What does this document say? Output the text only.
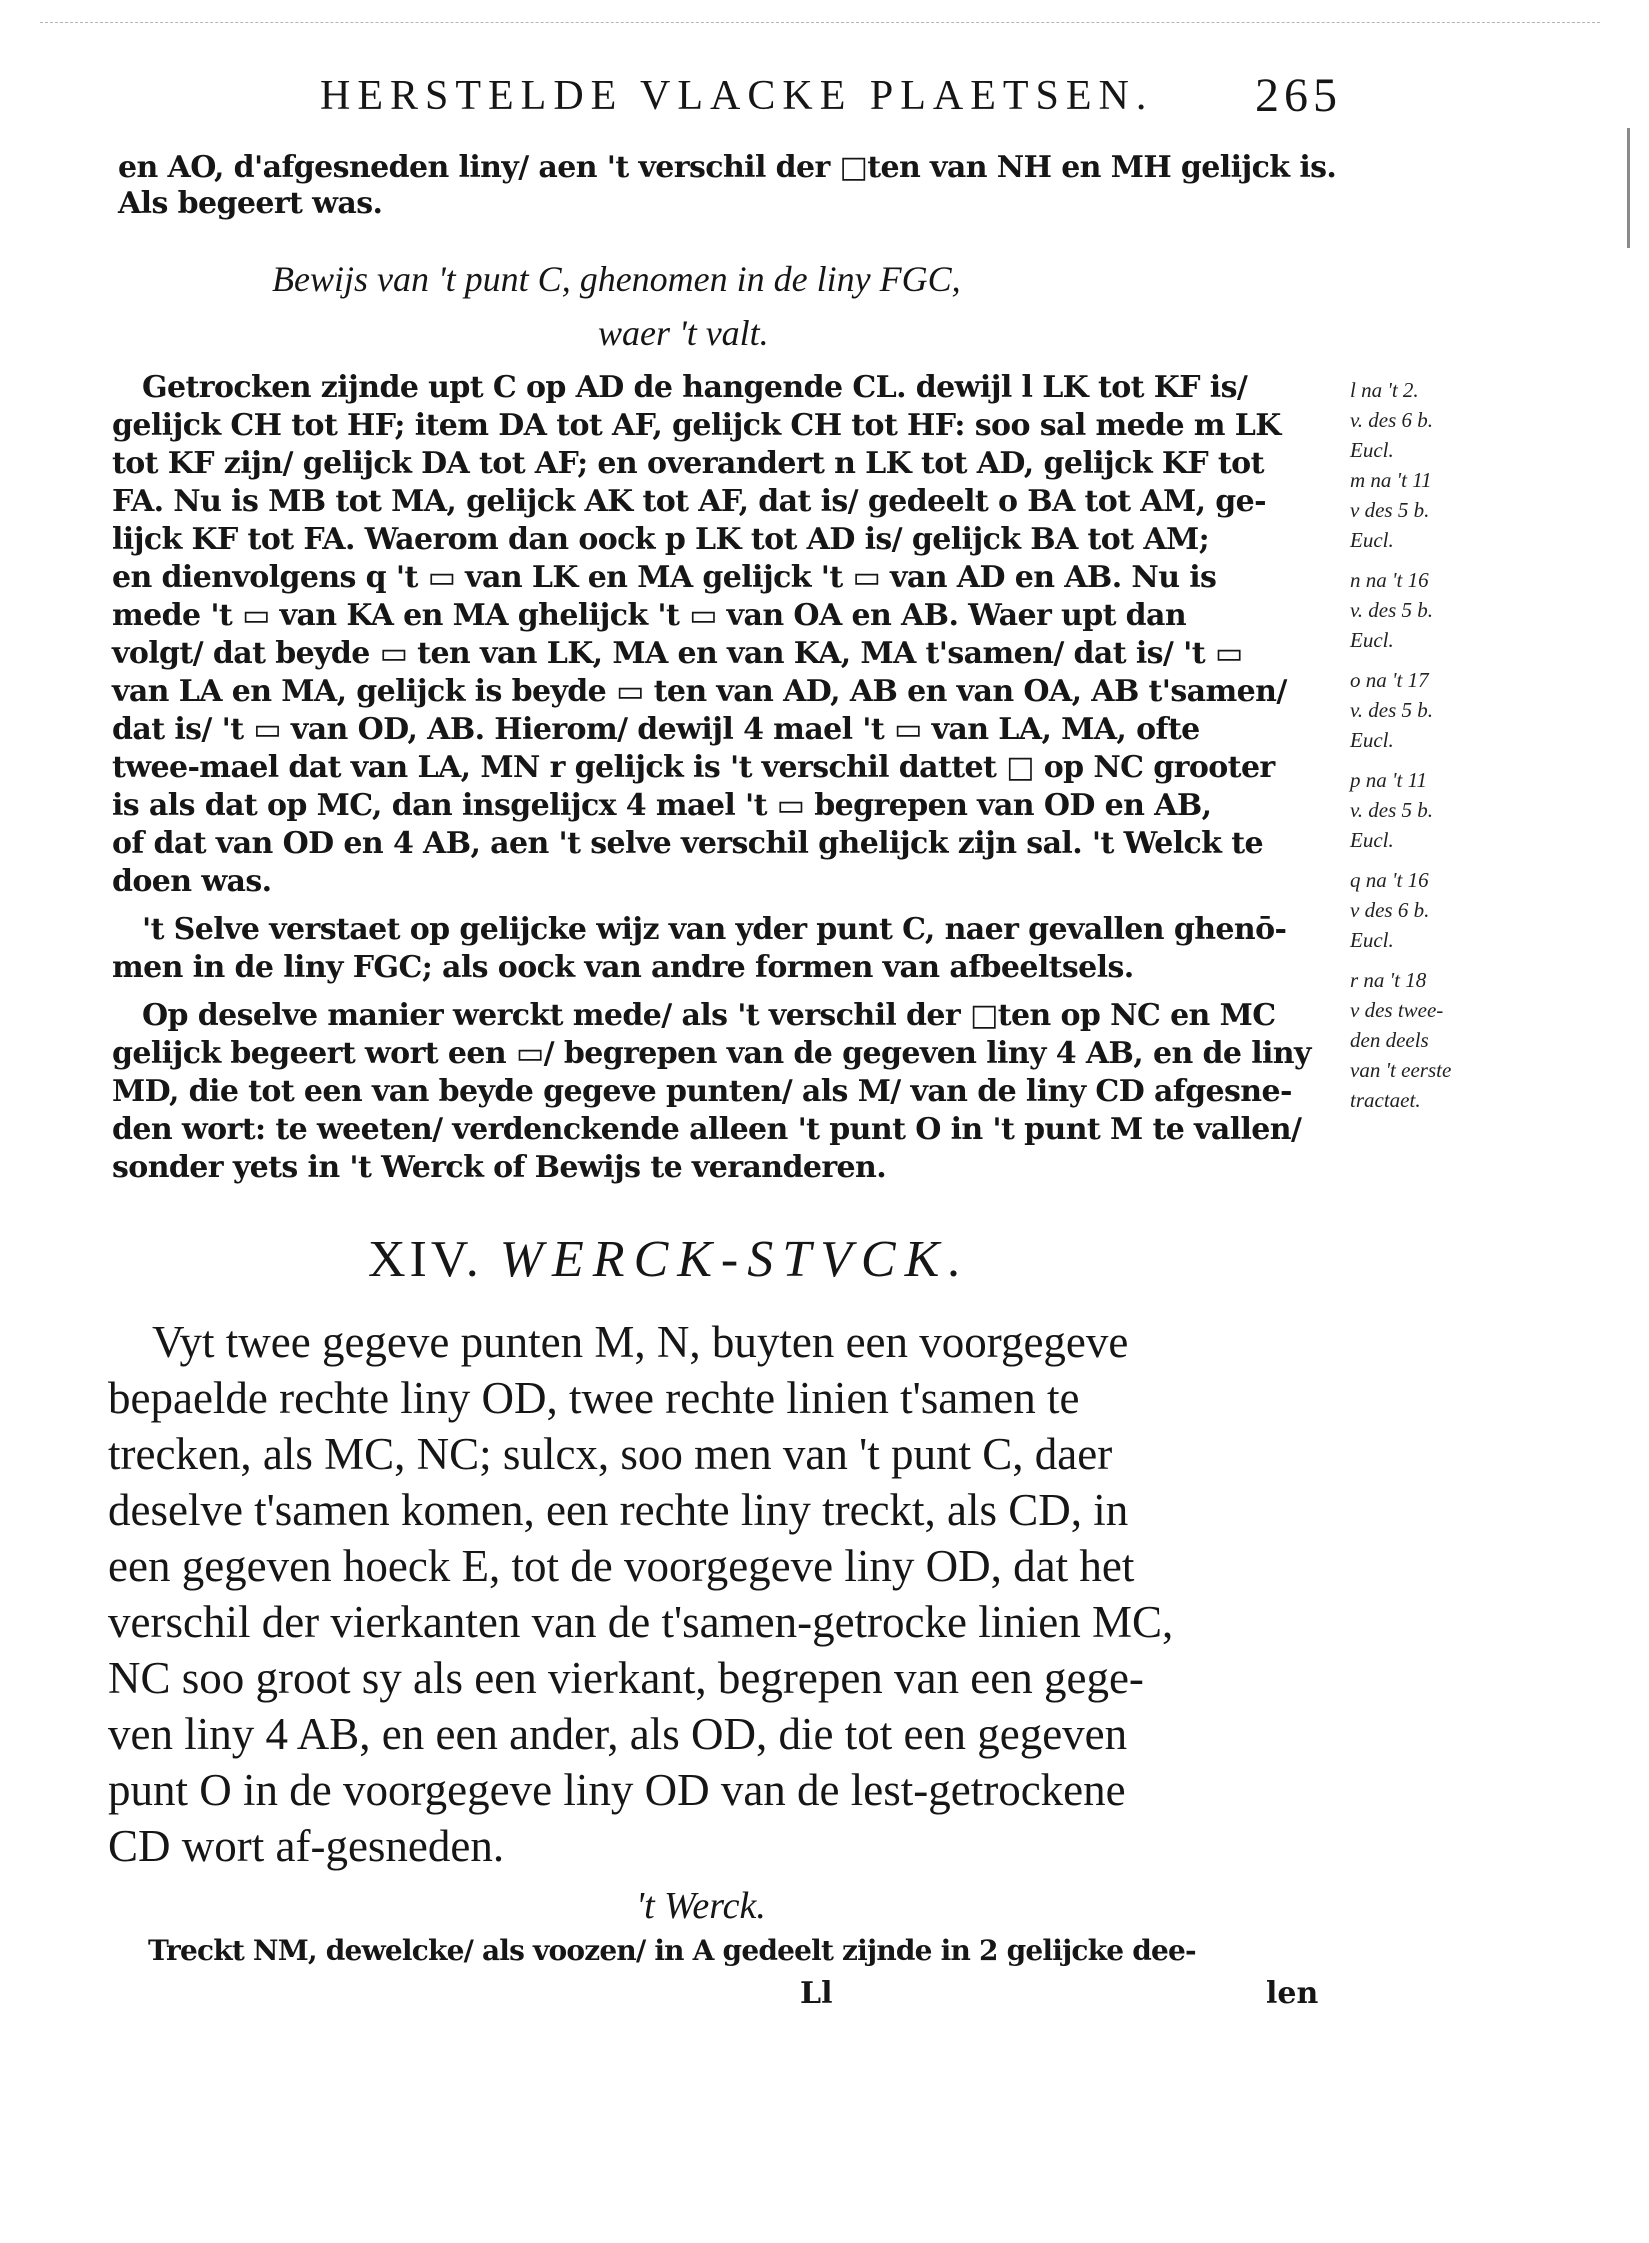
HERSTELDE VLACKE PLAETSEN. 265
en AO, d'afgesneden liny/ aen 't verschil der □ten van NH en MH gelijck is.
Als begeert was.
Bewijs van 't punt C, ghenomen in de liny FGC,
waer 't valt.
Getrocken zijnde upt C op AD de hangende CL. dewijl l LK tot KF is/
gelijck CH tot HF; item DA tot AF, gelijck CH tot HF: soo sal mede m LK
tot KF zijn/ gelijck DA tot AF; en overandert n LK tot AD, gelijck KF tot
FA. Nu is MB tot MA, gelijck AK tot AF, dat is/ gedeelt o BA tot AM, ge-
lijck KF tot FA. Waerom dan oock p LK tot AD is/ gelijck BA tot AM;
en dienvolgens q 't ▭ van LK en MA gelijck 't ▭ van AD en AB. Nu is
mede 't ▭ van KA en MA ghelijck 't ▭ van OA en AB. Waer upt dan
volgt/ dat beyde ▭ ten van LK, MA en van KA, MA t'samen/ dat is/ 't ▭
van LA en MA, gelijck is beyde ▭ ten van AD, AB en van OA, AB t'samen/
dat is/ 't ▭ van OD, AB. Hierom/ dewijl 4 mael 't ▭ van LA, MA, ofte
twee-mael dat van LA, MN r gelijck is 't verschil dattet □ op NC grooter
is als dat op MC, dan insgelijcx 4 mael 't ▭ begrepen van OD en AB,
of dat van OD en 4 AB, aen 't selve verschil ghelijck zijn sal. 't Welck te
doen was.
't Selve verstaet op gelijcke wijz van yder punt C, naer gevallen ghenō-
men in de liny FGC; als oock van andre formen van afbeeltsels.
Op deselve manier werckt mede/ als 't verschil der □ten op NC en MC
gelijck begeert wort een ▭/ begrepen van de gegeven liny 4 AB, en de liny
MD, die tot een van beyde gegeve punten/ als M/ van de liny CD afgesne-
den wort: te weeten/ verdenckende alleen 't punt O in 't punt M te vallen/
sonder yets in 't Werck of Bewijs te veranderen.
l na 't 2.
v. des 6 b.
Eucl.
m na 't 11
v des 5 b.
Eucl.
n na 't 16
v. des 5 b.
Eucl.
o na 't 17
v. des 5 b.
Eucl.
p na 't 11
v. des 5 b.
Eucl.
q na 't 16
v des 6 b.
Eucl.
r na 't 18
v des twee-
den deels
van 't eerste
tractaet.
XIV. WERCK-STVCK.
Vyt twee gegeve punten M, N, buyten een voorgegeve
bepaelde rechte liny OD, twee rechte linien t'samen te
trecken, als MC, NC; sulcx, soo men van 't punt C, daer
deselve t'samen komen, een rechte liny treckt, als CD, in
een gegeven hoeck E, tot de voorgegeve liny OD, dat het
verschil der vierkanten van de t'samen-getrocke linien MC,
NC soo groot sy als een vierkant, begrepen van een gege-
ven liny 4 AB, en een ander, als OD, die tot een gegeven
punt O in de voorgegeve liny OD van de lest-getrockene
CD wort af-gesneden.
't Werck.
Treckt NM, dewelcke/ als voozen/ in A gedeelt zijnde in 2 gelijcke dee-
Ll	len
